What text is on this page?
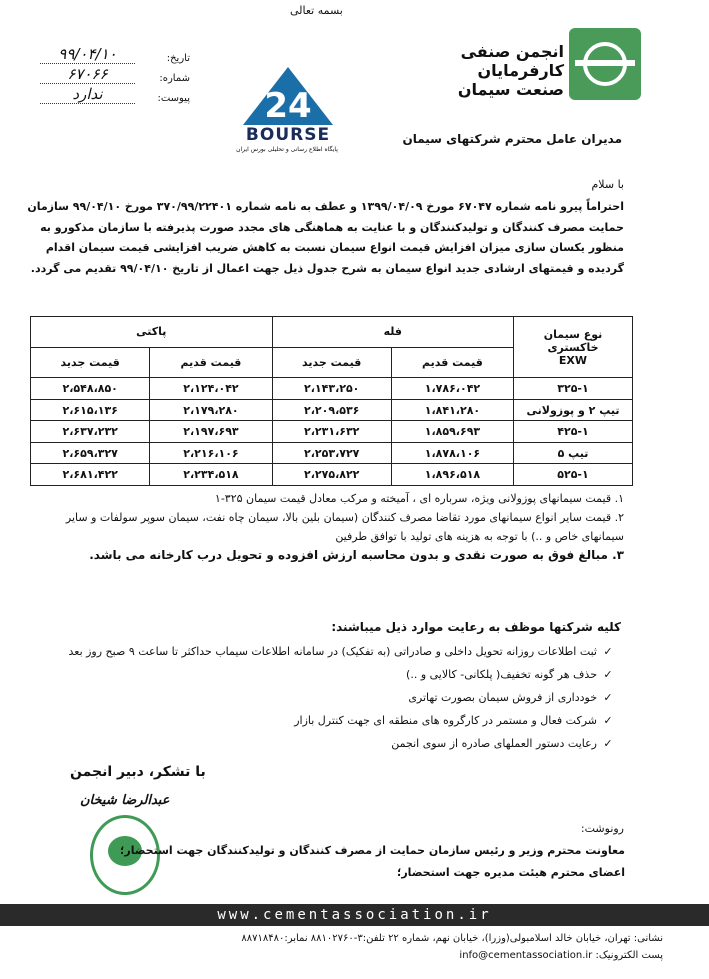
بسمه تعالی
انجمن صنفی
کارفرمایان
صنعت سیمان
24
BOURSE
پایگاه اطلاع رسانی و تحلیلی بورس ایران
تاریخ:
۹۹/۰۴/۱۰
شماره:
۶۷۰۶۶
پیوست:
ندارد
مدیران عامل محترم شرکتهای سیمان
با سلام
احتراماً پیرو نامه شماره ۶۷۰۴۷ مورخ ۱۳۹۹/۰۴/۰۹ و عطف به نامه شماره ۳۷۰/۹۹/۲۲۴۰۱ مورخ ۹۹/۰۴/۱۰ سازمان حمایت مصرف کنندگان و تولیدکنندگان و با عنایت به هماهنگی های مجدد صورت پذیرفته با سازمان مذکورو به منظور یکسان سازی میزان افزایش قیمت انواع سیمان نسبت به کاهش ضریب افزایشی قیمت سیمان اقدام گردیده و قیمتهای ارشادی جدید انواع سیمان به شرح جدول ذیل جهت اعمال از تاریخ ۹۹/۰۴/۱۰ تقدیم می گردد.
نوع سیمان خاکستری
EXW	فله		پاکتی	
	قیمت قدیم	قیمت جدید	قیمت قدیم	قیمت جدید
۳۲۵-۱	۱،۷۸۶،۰۴۲	۲،۱۴۳،۲۵۰	۲،۱۲۴،۰۴۲	۲،۵۴۸،۸۵۰
تیپ ۲ و پوزولانی	۱،۸۴۱،۲۸۰	۲،۲۰۹،۵۳۶	۲،۱۷۹،۲۸۰	۲،۶۱۵،۱۳۶
۴۲۵-۱	۱،۸۵۹،۶۹۳	۲،۲۳۱،۶۳۲	۲،۱۹۷،۶۹۳	۲،۶۳۷،۲۳۲
تیپ ۵	۱،۸۷۸،۱۰۶	۲،۲۵۳،۷۲۷	۲،۲۱۶،۱۰۶	۲،۶۵۹،۳۲۷
۵۲۵-۱	۱،۸۹۶،۵۱۸	۲،۲۷۵،۸۲۲	۲،۲۳۴،۵۱۸	۲،۶۸۱،۴۲۲
۱. قیمت سیمانهای پوزولانی ویژه، سرباره ای ، آمیخته و مرکب معادل قیمت سیمان ۳۲۵-۱
۲. قیمت سایر انواع سیمانهای مورد تقاضا مصرف کنندگان (سیمان بلین بالا، سیمان چاه نفت، سیمان سوپر سولفات و سایر سیمانهای خاص و ..) با توجه به هزینه های تولید با توافق طرفین
۳. مبالغ فوق به صورت نقدی و بدون محاسبه ارزش افزوده و تحویل درب کارخانه می باشد.
کلیه شرکتها موظف به رعایت موارد ذیل میباشند:
✓ثبت اطلاعات روزانه تحویل داخلی و صادراتی (به تفکیک) در سامانه اطلاعات سیماب حداکثر تا ساعت ۹ صبح روز بعد
✓حذف هر گونه تخفیف( پلکانی- کالایی و ..)
✓خودداری از فروش سیمان بصورت تهاتری
✓شرکت فعال و مستمر در کارگروه های منطقه ای جهت کنترل بازار
✓رعایت دستور العملهای صادره از سوی انجمن
با تشکر، دبیر انجمن
عبدالرضا شیخان
رونوشت:
معاونت محترم وزیر و رئیس سازمان حمایت از مصرف کنندگان و تولیدکنندگان جهت استحضار؛
اعضای محترم هیئت مدیره جهت استحضار؛
www.cementassociation.ir
نشانی: تهران، خیابان خالد اسلامبولی(وزرا)، خیابان نهم، شماره ۲۲ تلفن:۳-۸۸۱۰۲۷۶۰ نمابر:۸۸۷۱۸۴۸۰
پست الکترونیک: info@cementassociation.ir
